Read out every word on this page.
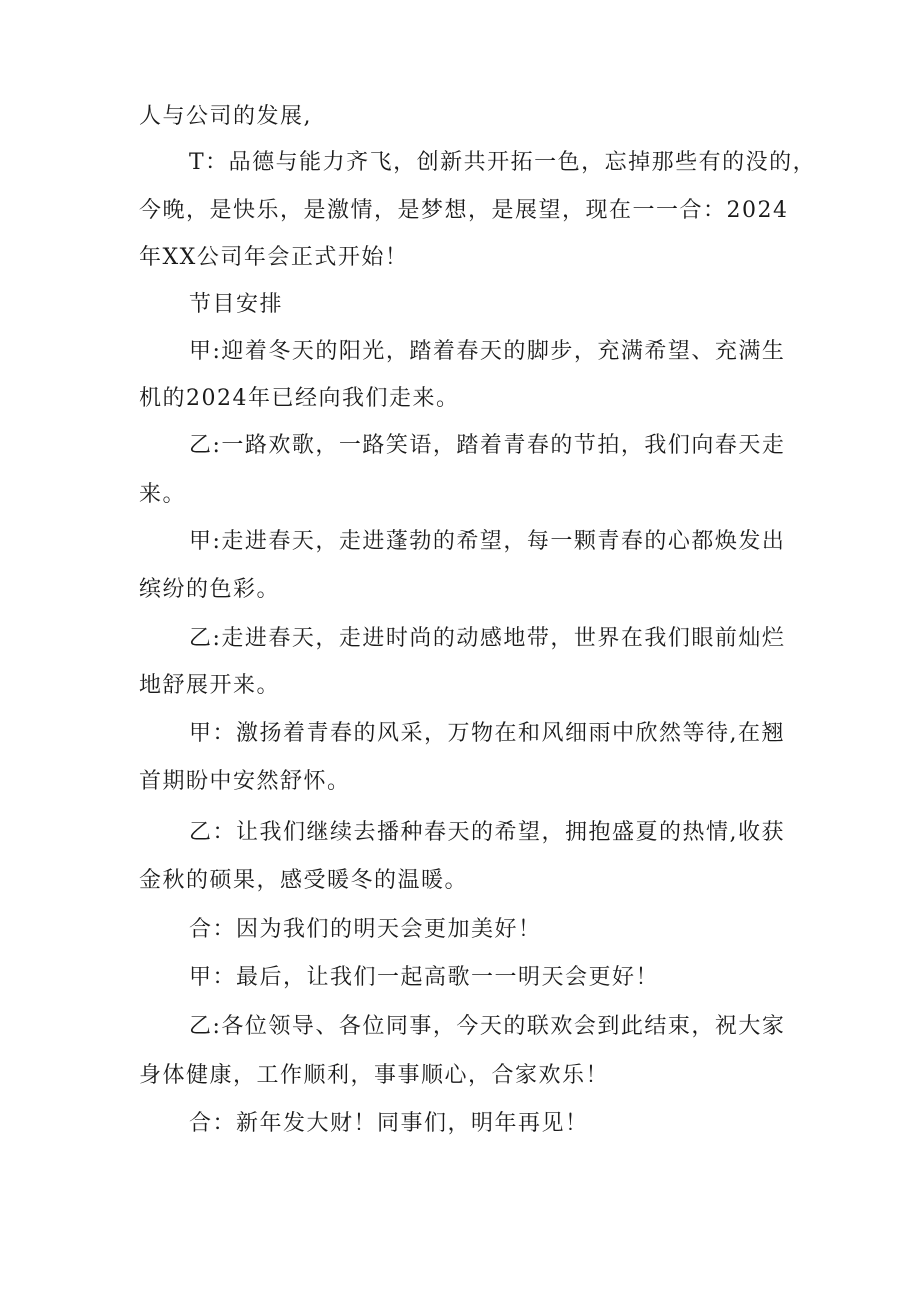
人与公司的发展,
T：品德与能力齐飞，创新共开拓一色，忘掉那些有的没的，
今晚，是快乐，是激情，是梦想，是展望，现在一一合：2024
年XX公司年会正式开始！
节目安排
甲:迎着冬天的阳光，踏着春天的脚步，充满希望、充满生
机的2024年已经向我们走来。
乙:一路欢歌，一路笑语，踏着青春的节拍，我们向春天走
来。
甲:走进春天，走进蓬勃的希望，每一颗青春的心都焕发出
缤纷的色彩。
乙:走进春天，走进时尚的动感地带，世界在我们眼前灿烂
地舒展开来。
甲：激扬着青春的风采，万物在和风细雨中欣然等待,在翘
首期盼中安然舒怀。
乙：让我们继续去播种春天的希望，拥抱盛夏的热情,收获
金秋的硕果，感受暖冬的温暖。
合：因为我们的明天会更加美好！
甲：最后，让我们一起高歌一一明天会更好！
乙:各位领导、各位同事，今天的联欢会到此结束，祝大家
身体健康，工作顺利，事事顺心，合家欢乐！
合：新年发大财！同事们，明年再见！
